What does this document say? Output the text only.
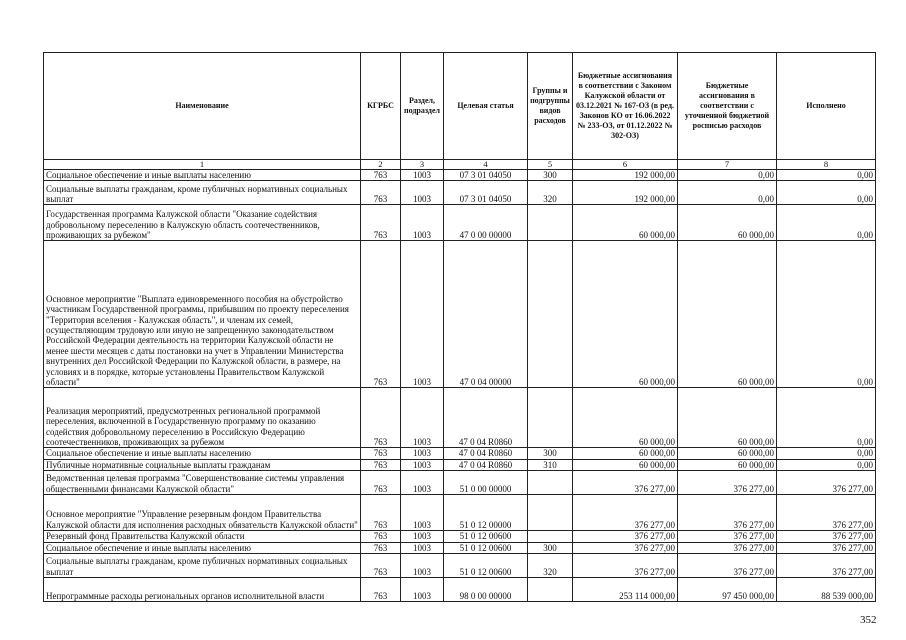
Наименование	КГРБС	Раздел, подраздел	Целевая статья	Группы и подгруппы видов расходов	Бюджетные ассигнования в соответствии с Законом Калужской области от 03.12.2021 № 167-ОЗ (в ред. Законов КО от 16.06.2022 № 233-ОЗ, от 01.12.2022 № 302-ОЗ)	Бюджетные ассигнования в соответствии с уточненной бюджетной росписью расходов	Исполнено
1	2	3	4	5	6	7	8
Социальное обеспечение и иные выплаты населению	763	1003	07 3 01 04050	300	192 000,00	0,00	0,00
Социальные выплаты гражданам, кроме публичных нормативных социальных выплат	763	1003	07 3 01 04050	320	192 000,00	0,00	0,00
Государственная программа Калужской области "Оказание содействия добровольному переселению в Калужскую область соотечественников, проживающих за рубежом"	763	1003	47 0 00 00000		60 000,00	60 000,00	0,00
Основное мероприятие "Выплата единовременного пособия на обустройство участникам Государственной программы, прибывшим по проекту переселения "Территория вселения - Калужская область", и членам их семей, осуществляющим трудовую или иную не запрещенную законодательством Российской Федерации деятельность на территории Калужской области не менее шести месяцев с даты постановки на учет в Управлении Министерства внутренних дел Российской Федерации по Калужской области, в размере, на условиях и в порядке, которые установлены Правительством Калужской области"	763	1003	47 0 04 00000		60 000,00	60 000,00	0,00
Реализация мероприятий, предусмотренных региональной программой переселения, включенной в Государственную программу по оказанию содействия добровольному переселению в Российскую Федерацию соотечественников, проживающих за рубежом	763	1003	47 0 04 R0860		60 000,00	60 000,00	0,00
Социальное обеспечение и иные выплаты населению	763	1003	47 0 04 R0860	300	60 000,00	60 000,00	0,00
Публичные нормативные социальные выплаты гражданам	763	1003	47 0 04 R0860	310	60 000,00	60 000,00	0,00
Ведомственная целевая программа "Совершенствование системы управления общественными финансами Калужской области"	763	1003	51 0 00 00000		376 277,00	376 277,00	376 277,00
Основное мероприятие "Управление резервным фондом Правительства Калужской области для исполнения расходных обязательств Калужской области"	763	1003	51 0 12 00000		376 277,00	376 277,00	376 277,00
Резервный фонд Правительства Калужской области	763	1003	51 0 12 00600		376 277,00	376 277,00	376 277,00
Социальное обеспечение и иные выплаты населению	763	1003	51 0 12 00600	300	376 277,00	376 277,00	376 277,00
Социальные выплаты гражданам, кроме публичных нормативных социальных выплат	763	1003	51 0 12 00600	320	376 277,00	376 277,00	376 277,00
Непрограммные расходы региональных органов исполнительной власти	763	1003	98 0 00 00000		253 114 000,00	97 450 000,00	88 539 000,00
352
